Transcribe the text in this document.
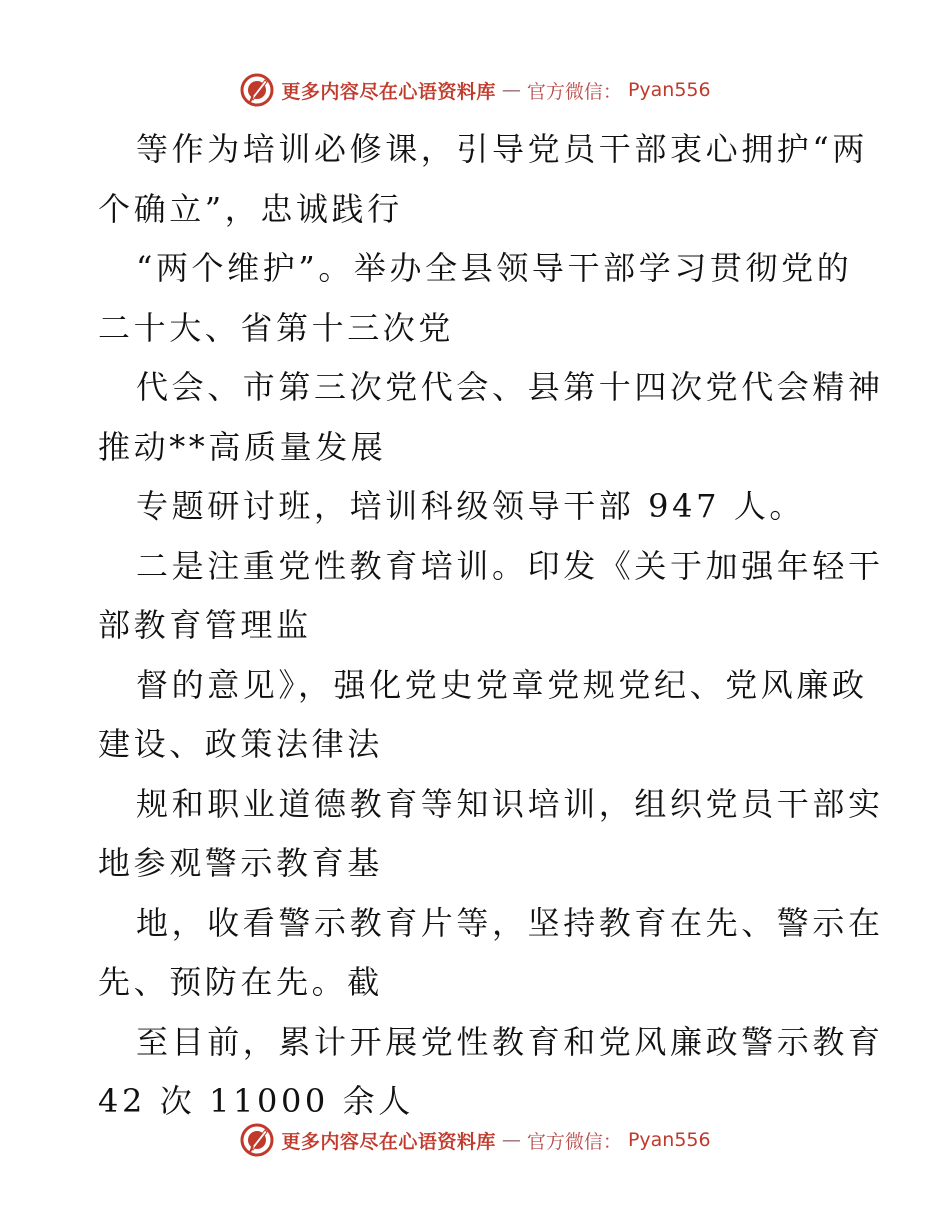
更多内容尽在心语资料库 — 官方微信： Pyan556

等作为培训必修课，引导党员干部衷心拥护“两
个确立”，忠诚践行

“两个维护”。举办全县领导干部学习贯彻党的
二十大、省第十三次党

代会、市第三次党代会、县第十四次党代会精神
推动**高质量发展

专题研讨班，培训科级领导干部 947 人。

二是注重党性教育培训。印发《关于加强年轻干
部教育管理监

督的意见》，强化党史党章党规党纪、党风廉政
建设、政策法律法

规和职业道德教育等知识培训，组织党员干部实
地参观警示教育基

地，收看警示教育片等，坚持教育在先、警示在
先、预防在先。截

至目前，累计开展党性教育和党风廉政警示教育
42 次 11000 余人

更多内容尽在心语资料库 — 官方微信： Pyan556
